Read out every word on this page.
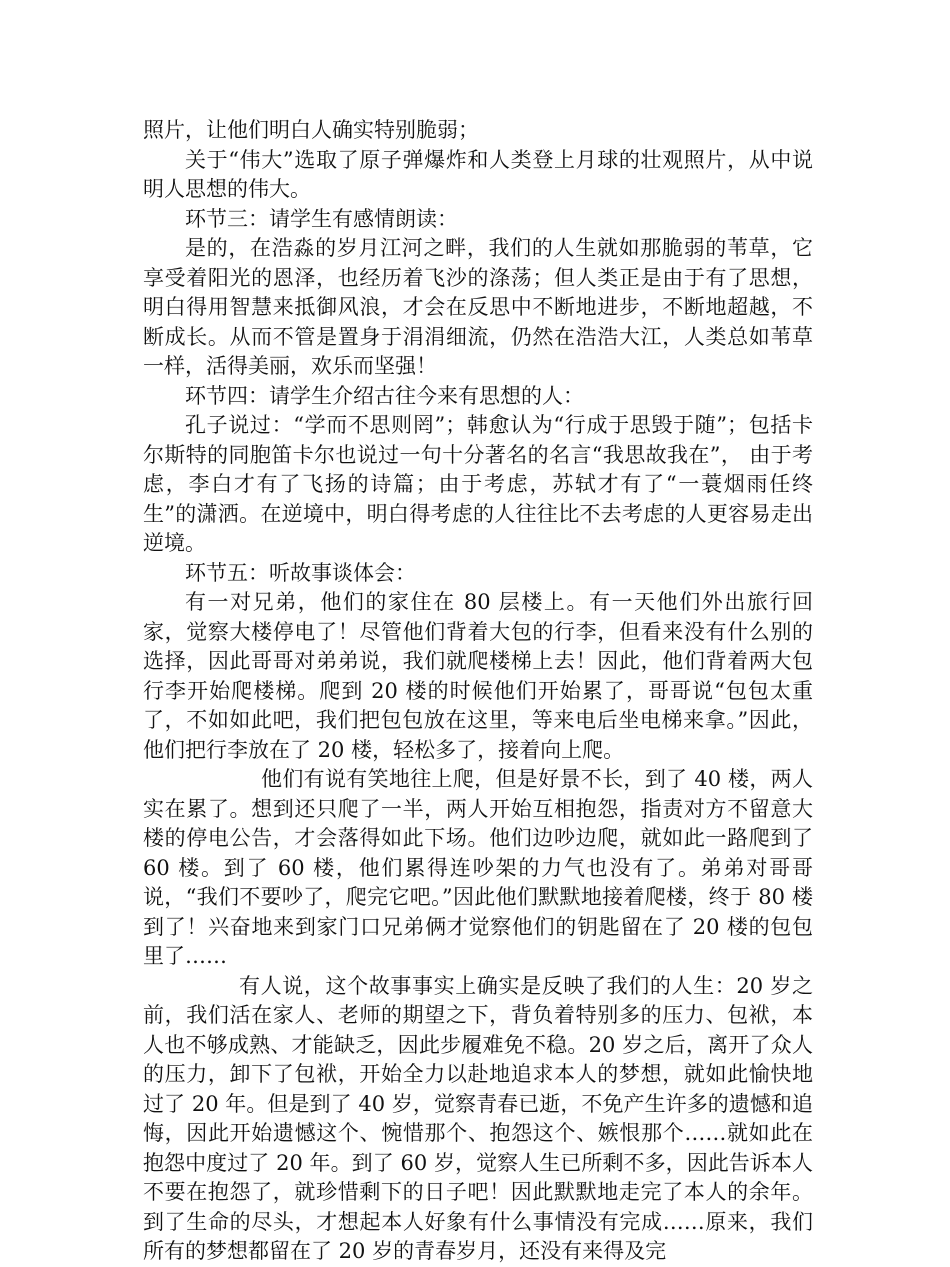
照片，让他们明白人确实特别脆弱；

关于“伟大”选取了原子弹爆炸和人类登上月球的壮观照片，从中说明人思想的伟大。

环节三：请学生有感情朗读：

是的，在浩淼的岁月江河之畔，我们的人生就如那脆弱的苇草，它享受着阳光的恩泽，也经历着飞沙的涤荡；但人类正是由于有了思想，明白得用智慧来抵御风浪，才会在反思中不断地进步，不断地超越，不断成长。从而不管是置身于涓涓细流，仍然在浩浩大江，人类总如苇草一样，活得美丽，欢乐而坚强！

环节四：请学生介绍古往今来有思想的人：

孔子说过：“学而不思则罔”；韩愈认为“行成于思毁于随”；包括卡尔斯特的同胞笛卡尔也说过一句十分著名的名言“我思故我在”， 由于考虑，李白才有了飞扬的诗篇；由于考虑，苏轼才有了“一蓑烟雨任终生”的潇洒。在逆境中，明白得考虑的人往往比不去考虑的人更容易走出逆境。

环节五：听故事谈体会：

有一对兄弟，他们的家住在 80 层楼上。有一天他们外出旅行回家，觉察大楼停电了！尽管他们背着大包的行李，但看来没有什么别的选择，因此哥哥对弟弟说，我们就爬楼梯上去！因此，他们背着两大包行李开始爬楼梯。爬到 20 楼的时候他们开始累了，哥哥说“包包太重了，不如如此吧，我们把包包放在这里，等来电后坐电梯来拿。”因此，他们把行李放在了 20 楼，轻松多了，接着向上爬。

他们有说有笑地往上爬，但是好景不长，到了 40 楼，两人实在累了。想到还只爬了一半，两人开始互相抱怨，指责对方不留意大楼的停电公告，才会落得如此下场。他们边吵边爬，就如此一路爬到了 60 楼。到了 60 楼，他们累得连吵架的力气也没有了。弟弟对哥哥说，“我们不要吵了，爬完它吧。”因此他们默默地接着爬楼，终于 80 楼到了！兴奋地来到家门口兄弟俩才觉察他们的钥匙留在了 20 楼的包包里了……

有人说，这个故事事实上确实是反映了我们的人生：20 岁之前，我们活在家人、老师的期望之下，背负着特别多的压力、包袱，本人也不够成熟、才能缺乏，因此步履难免不稳。20 岁之后，离开了众人的压力，卸下了包袱，开始全力以赴地追求本人的梦想，就如此愉快地过了 20 年。但是到了 40 岁，觉察青春已逝，不免产生许多的遗憾和追悔，因此开始遗憾这个、惋惜那个、抱怨这个、嫉恨那个……就如此在抱怨中度过了 20 年。到了 60 岁，觉察人生已所剩不多，因此告诉本人不要在抱怨了，就珍惜剩下的日子吧！因此默默地走完了本人的余年。到了生命的尽头，才想起本人好象有什么事情没有完成……原来，我们所有的梦想都留在了 20 岁的青春岁月，还没有来得及完
